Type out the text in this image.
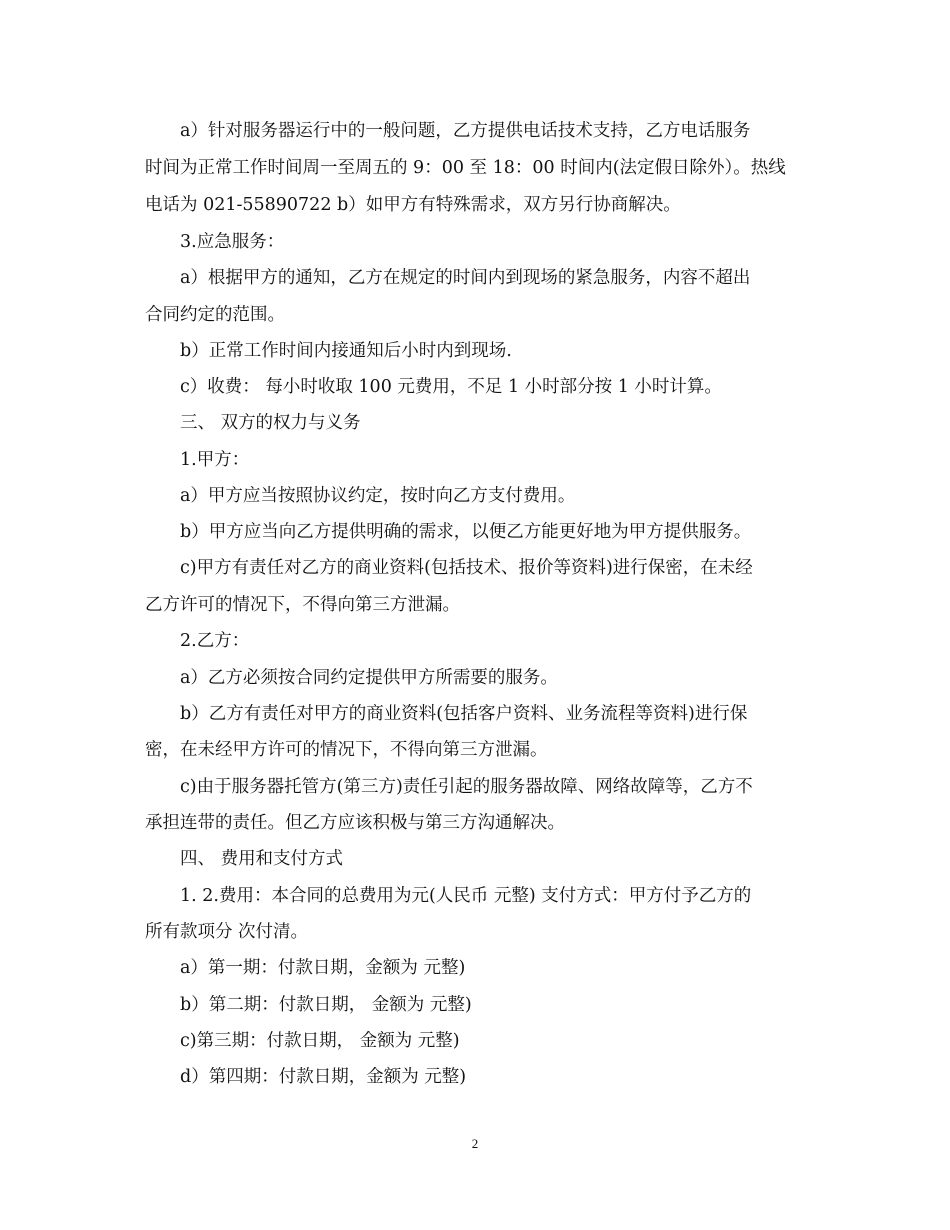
a）针对服务器运行中的一般问题，乙方提供电话技术支持，乙方电话服务
时间为正常工作时间周一至周五的 9：00 至 18：00 时间内(法定假日除外）。热线
电话为 021-55890722 b）如甲方有特殊需求，双方另行协商解决。
3.应急服务：
a）根据甲方的通知，乙方在规定的时间内到现场的紧急服务，内容不超出
合同约定的范围。
b）正常工作时间内接通知后小时内到现场.
c）收费： 每小时收取 100 元费用，不足 1 小时部分按 1 小时计算。
三、 双方的权力与义务
1.甲方：
a）甲方应当按照协议约定，按时向乙方支付费用。
b）甲方应当向乙方提供明确的需求，以便乙方能更好地为甲方提供服务。
c)甲方有责任对乙方的商业资料(包括技术、报价等资料)进行保密，在未经
乙方许可的情况下，不得向第三方泄漏。
2.乙方：
a）乙方必须按合同约定提供甲方所需要的服务。
b）乙方有责任对甲方的商业资料(包括客户资料、业务流程等资料)进行保
密，在未经甲方许可的情况下，不得向第三方泄漏。
c)由于服务器托管方(第三方)责任引起的服务器故障、网络故障等，乙方不
承担连带的责任。但乙方应该积极与第三方沟通解决。
四、 费用和支付方式
1. 2.费用：本合同的总费用为元(人民币 元整) 支付方式：甲方付予乙方的
所有款项分 次付清。
a）第一期：付款日期，金额为 元整)
b）第二期：付款日期， 金额为 元整)
c)第三期：付款日期， 金额为 元整)
d）第四期：付款日期，金额为 元整)
2
